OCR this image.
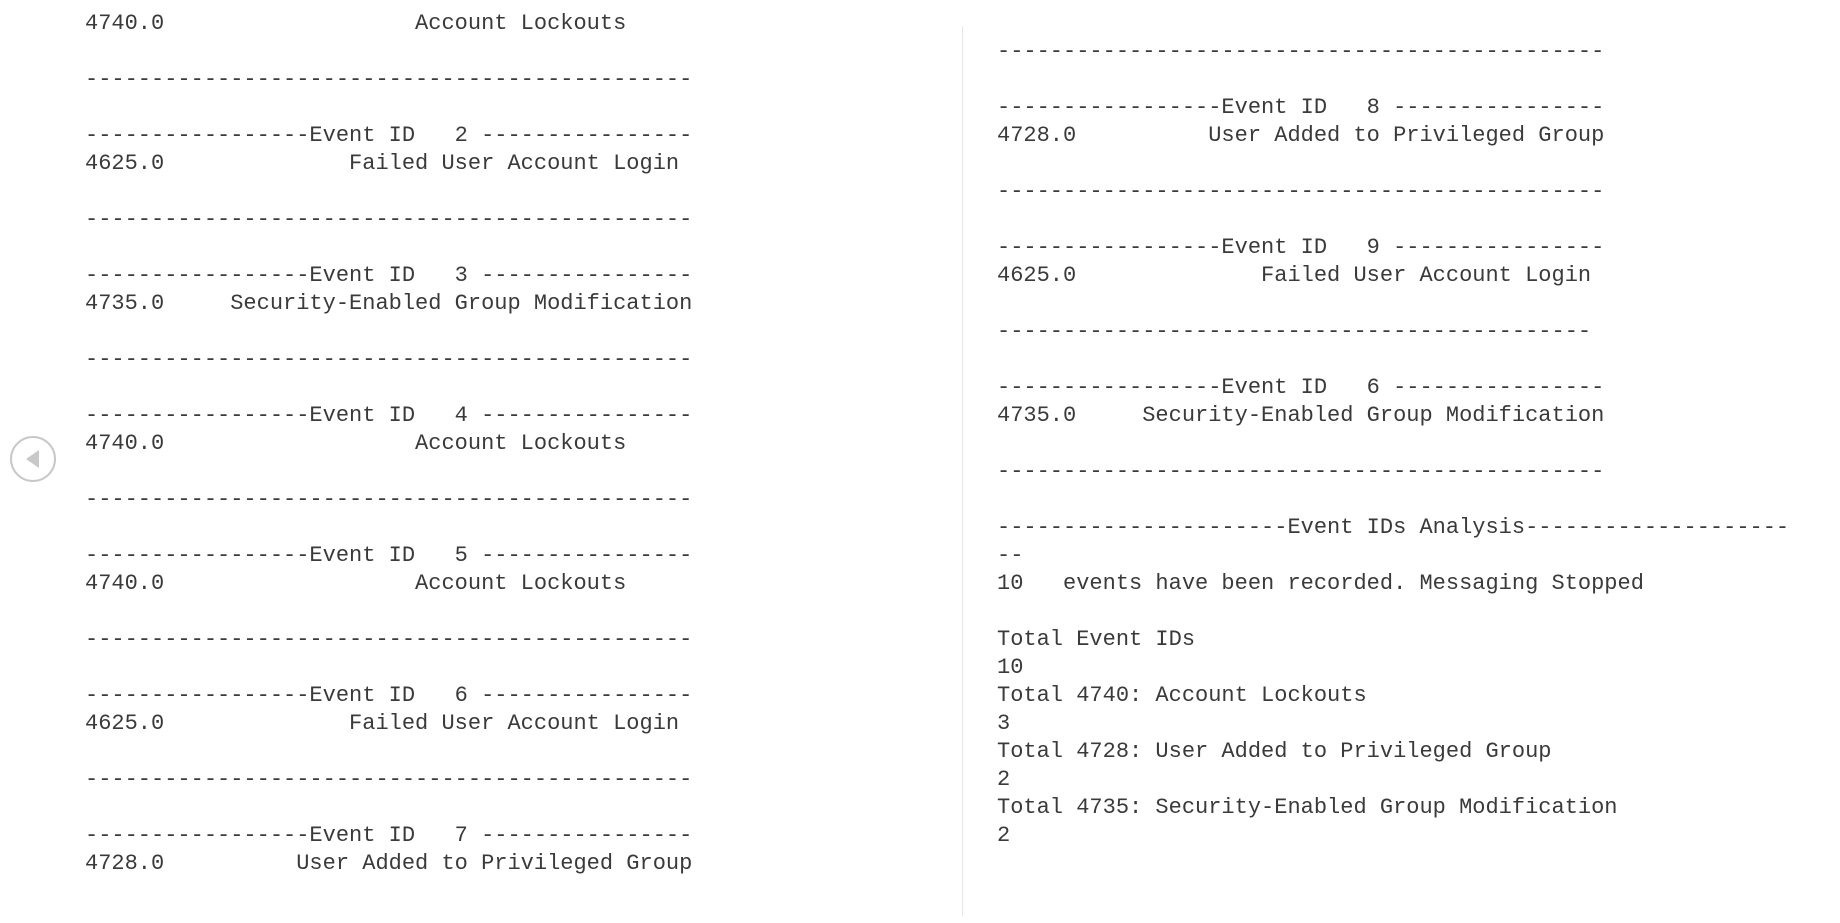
4740.0                   Account Lockouts
----------------------------------------------
-----------------Event ID   2 ----------------
4625.0              Failed User Account Login
----------------------------------------------
-----------------Event ID   3 ----------------
4735.0     Security-Enabled Group Modification
----------------------------------------------
-----------------Event ID   4 ----------------
4740.0                   Account Lockouts
----------------------------------------------
-----------------Event ID   5 ----------------
4740.0                   Account Lockouts
----------------------------------------------
-----------------Event ID   6 ----------------
4625.0              Failed User Account Login
----------------------------------------------
-----------------Event ID   7 ----------------
4728.0          User Added to Privileged Group
----------------------------------------------
-----------------Event ID   8 ----------------
4728.0          User Added to Privileged Group
----------------------------------------------
-----------------Event ID   9 ----------------
4625.0              Failed User Account Login
---------------------------------------------
-----------------Event ID   6 ----------------
4735.0     Security-Enabled Group Modification
----------------------------------------------
----------------------Event IDs Analysis--------------------
--
10   events have been recorded. Messaging Stopped
Total Event IDs
10
Total 4740: Account Lockouts
3
Total 4728: User Added to Privileged Group
2
Total 4735: Security-Enabled Group Modification
2
